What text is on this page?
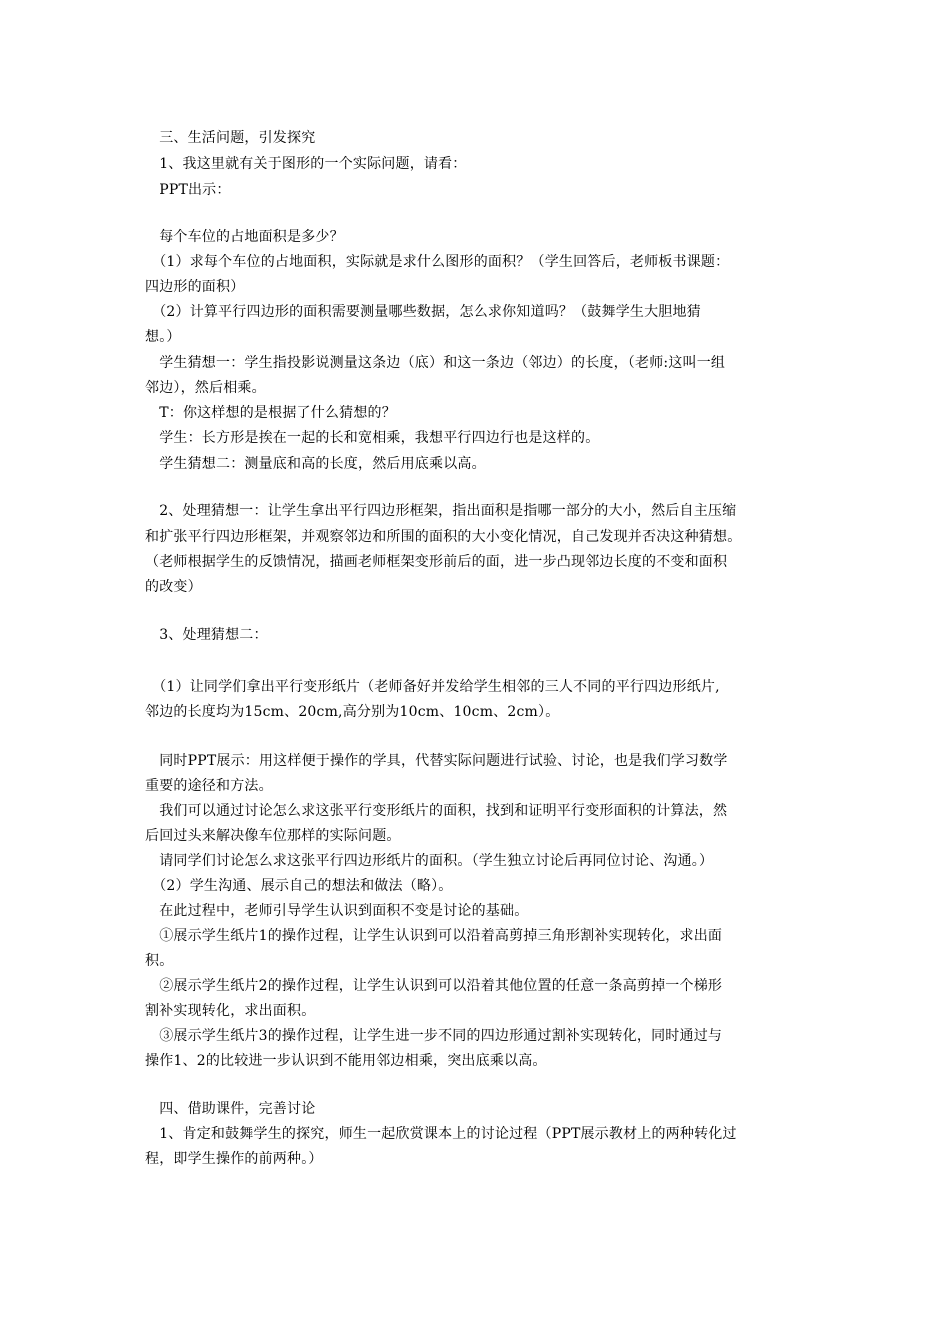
　三、生活问题，引发探究
　1、我这里就有关于图形的一个实际问题，请看：
　PPT出示：
　每个车位的占地面积是多少？
　（1）求每个车位的占地面积，实际就是求什么图形的面积？（学生回答后，老师板书课题：
四边形的面积）
　（2）计算平行四边形的面积需要测量哪些数据，怎么求你知道吗？（鼓舞学生大胆地猜
想。）
　学生猜想一：学生指投影说测量这条边（底）和这一条边（邻边）的长度，（老师:这叫一组
邻边），然后相乘。
　T：你这样想的是根据了什么猜想的？
　学生：长方形是挨在一起的长和宽相乘，我想平行四边行也是这样的。
　学生猜想二：测量底和高的长度，然后用底乘以高。
　2、处理猜想一：让学生拿出平行四边形框架，指出面积是指哪一部分的大小，然后自主压缩
和扩张平行四边形框架，并观察邻边和所围的面积的大小变化情况，自己发现并否决这种猜想。
（老师根据学生的反馈情况，描画老师框架变形前后的面，进一步凸现邻边长度的不变和面积
的改变）
　3、处理猜想二：
　（1）让同学们拿出平行变形纸片（老师备好并发给学生相邻的三人不同的平行四边形纸片,
邻边的长度均为15cm、20cm,高分别为10cm、10cm、2cm）。
　同时PPT展示：用这样便于操作的学具，代替实际问题进行试验、讨论，也是我们学习数学
重要的途径和方法。
　我们可以通过讨论怎么求这张平行变形纸片的面积，找到和证明平行变形面积的计算法，然
后回过头来解决像车位那样的实际问题。
　请同学们讨论怎么求这张平行四边形纸片的面积。（学生独立讨论后再同位讨论、沟通。）
　（2）学生沟通、展示自己的想法和做法（略）。
　在此过程中，老师引导学生认识到面积不变是讨论的基础。
　①展示学生纸片1的操作过程，让学生认识到可以沿着高剪掉三角形割补实现转化，求出面
积。
　②展示学生纸片2的操作过程，让学生认识到可以沿着其他位置的任意一条高剪掉一个梯形
割补实现转化，求出面积。
　③展示学生纸片3的操作过程，让学生进一步不同的四边形通过割补实现转化，同时通过与
操作1、2的比较进一步认识到不能用邻边相乘，突出底乘以高。
　四、借助课件，完善讨论
　1、肯定和鼓舞学生的探究，师生一起欣赏课本上的讨论过程（PPT展示教材上的两种转化过
程，即学生操作的前两种。）
